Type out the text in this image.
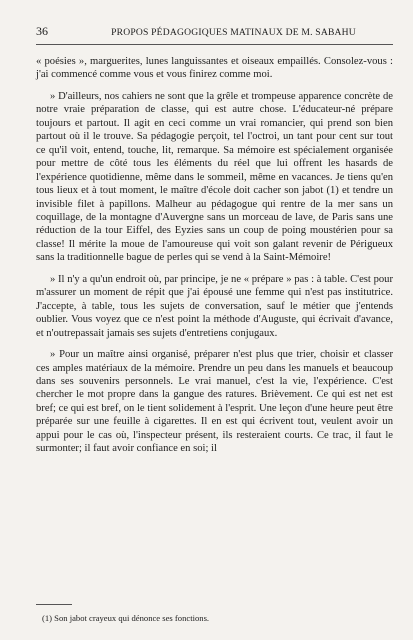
36	PROPOS PÉDAGOGIQUES MATINAUX DE M. SABAHU

« poésies », marguerites, lunes languissantes et oiseaux empaillés. Consolez-vous : j'ai commencé comme vous et vous finirez comme moi.

» D'ailleurs, nos cahiers ne sont que la grêle et trompeuse apparence concrète de notre vraie préparation de classe, qui est autre chose. L'éducateur-né prépare toujours et partout. Il agit en ceci comme un vrai romancier, qui prend son bien partout où il le trouve. Sa pédagogie perçoit, tel l'octroi, un tant pour cent sur tout ce qu'il voit, entend, touche, lit, remarque. Sa mémoire est spécialement organisée pour mettre de côté tous les éléments du réel que lui offrent les hasards de l'expérience quotidienne, même dans le sommeil, même en vacances. Je tiens qu'en tous lieux et à tout moment, le maître d'école doit cacher son jabot (1) et tendre un invisible filet à papillons. Malheur au pédagogue qui rentre de la mer sans un coquillage, de la montagne d'Auvergne sans un morceau de lave, de Paris sans une réduction de la tour Eiffel, des Eyzies sans un coup de poing moustérien pour sa classe! Il mérite la moue de l'amoureuse qui voit son galant revenir de Périgueux sans la traditionnelle bague de perles qui se vend à la Saint-Mémoire!

» Il n'y a qu'un endroit où, par principe, je ne « prépare » pas : à table. C'est pour m'assurer un moment de répit que j'ai épousé une femme qui n'est pas institutrice. J'accepte, à table, tous les sujets de conversation, sauf le métier que j'entends oublier. Vous voyez que ce n'est point la méthode d'Auguste, qui écrivait d'avance, et n'outrepassait jamais ses sujets d'entretiens conjugaux.

» Pour un maître ainsi organisé, préparer n'est plus que trier, choisir et classer ces amples matériaux de la mémoire. Prendre un peu dans les manuels et beaucoup dans ses souvenirs personnels. Le vrai manuel, c'est la vie, l'expérience. C'est chercher le mot propre dans la gangue des ratures. Brièvement. Ce qui est net est bref; ce qui est bref, on le tient solidement à l'esprit. Une leçon d'une heure peut être préparée sur une feuille à cigarettes. Il en est qui écrivent tout, veulent avoir un appui pour le cas où, l'inspecteur présent, ils resteraient courts. Ce trac, il faut le surmonter; il faut avoir confiance en soi; il

(1) Son jabot crayeux qui dénonce ses fonctions.
